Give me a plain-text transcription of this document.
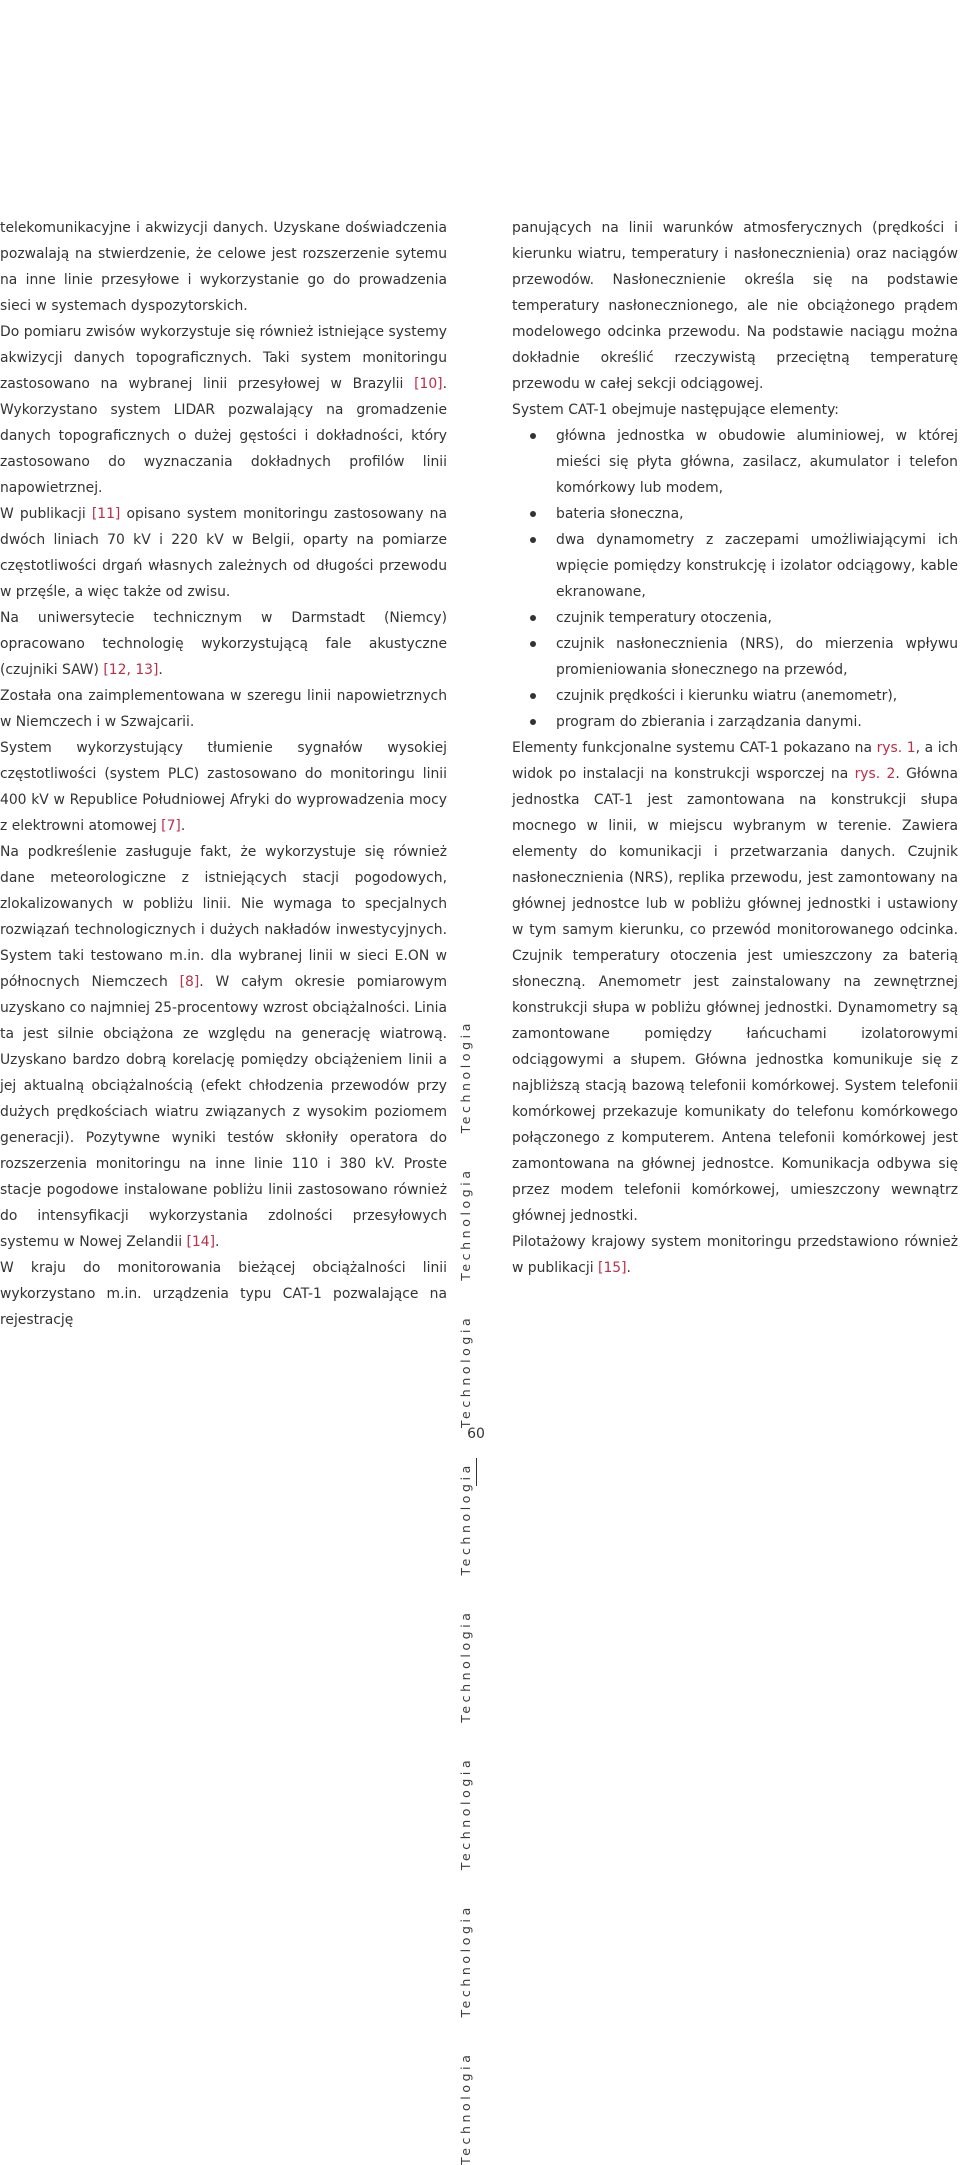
TechnologiaTechnologiaTechnologiaTechnologiaTechnologiaTechnologiaTechnologiaTechnologia

telekomunikacyjne i akwizycji danych. Uzyskane doświadczenia pozwalają na stwierdzenie, że celowe jest rozszerzenie sytemu na inne linie przesyłowe i wykorzystanie go do prowadzenia sieci w systemach dyspozytorskich.

Do pomiaru zwisów wykorzystuje się również istniejące systemy akwizycji danych topograficznych. Taki system monitoringu zastosowano na wybranej linii przesyłowej w Brazylii [10]. Wykorzystano system LIDAR pozwalający na gromadzenie danych topograficznych o dużej gęstości i dokładności, który zastosowano do wyznaczania dokładnych profilów linii napowietrznej.

W publikacji [11] opisano system monitoringu zastosowany na dwóch liniach 70 kV i 220 kV w Belgii, oparty na pomiarze częstotliwości drgań własnych zależnych od długości przewodu w przęśle, a więc także od zwisu.

Na uniwersytecie technicznym w Darmstadt (Niemcy) opracowano technologię wykorzystującą fale akustyczne (czujniki SAW) [12, 13].

Została ona zaimplementowana w szeregu linii napowietrznych w Niemczech i w Szwajcarii.

System wykorzystujący tłumienie sygnałów wysokiej częstotliwości (system PLC) zastosowano do monitoringu linii 400 kV w Republice Południowej Afryki do wyprowadzenia mocy z elektrowni atomowej [7].

Na podkreślenie zasługuje fakt, że wykorzystuje się również dane meteorologiczne z istniejących stacji pogodowych, zlokalizowanych w pobliżu linii. Nie wymaga to specjalnych rozwiązań technologicznych i dużych nakładów inwestycyjnych. System taki testowano m.in. dla wybranej linii w sieci E.ON w północnych Niemczech [8]. W całym okresie pomiarowym uzyskano co najmniej 25-procentowy wzrost obciążalności. Linia ta jest silnie obciążona ze względu na generację wiatrową. Uzyskano bardzo dobrą korelację pomiędzy obciążeniem linii a jej aktualną obciążalnością (efekt chłodzenia przewodów przy dużych prędkościach wiatru związanych z wysokim poziomem generacji). Pozytywne wyniki testów skłoniły operatora do rozszerzenia monitoringu na inne linie 110 i 380 kV. Proste stacje pogodowe instalowane pobliżu linii zastosowano również do intensyfikacji wykorzystania zdolności przesyłowych systemu w Nowej Zelandii [14].

W kraju do monitorowania bieżącej obciążalności linii wykorzystano m.in. urządzenia typu CAT-1 pozwalające na rejestrację

panujących na linii warunków atmosferycznych (prędkości i kierunku wiatru, temperatury i nasłonecznienia) oraz naciągów przewodów. Nasłonecznienie określa się na podstawie temperatury nasłonecznionego, ale nie obciążonego prądem modelowego odcinka przewodu. Na podstawie naciągu można dokładnie określić rzeczywistą przeciętną temperaturę przewodu w całej sekcji odciągowej.

System CAT-1 obejmuje następujące elementy:

główna jednostka w obudowie aluminiowej, w której mieści się płyta główna, zasilacz, akumulator i telefon komórkowy lub modem,
bateria słoneczna,
dwa dynamometry z zaczepami umożliwiającymi ich wpięcie pomiędzy konstrukcję i izolator odciągowy, kable ekranowane,
czujnik temperatury otoczenia,
czujnik nasłonecznienia (NRS), do mierzenia wpływu promieniowania słonecznego na przewód,
czujnik prędkości i kierunku wiatru (anemometr),
program do zbierania i zarządzania danymi.

Elementy funkcjonalne systemu CAT-1 pokazano na rys. 1, a ich widok po instalacji na konstrukcji wsporczej na rys. 2. Główna jednostka CAT-1 jest zamontowana na konstrukcji słupa mocnego w linii, w miejscu wybranym w terenie. Zawiera elementy do komunikacji i przetwarzania danych. Czujnik nasłonecznienia (NRS), replika przewodu, jest zamontowany na głównej jednostce lub w pobliżu głównej jednostki i ustawiony w tym samym kierunku, co przewód monitorowanego odcinka. Czujnik temperatury otoczenia jest umieszczony za baterią słoneczną. Anemometr jest zainstalowany na zewnętrznej konstrukcji słupa w pobliżu głównej jednostki. Dynamometry są zamontowane pomiędzy łańcuchami izolatorowymi odciągowymi a słupem. Główna jednostka komunikuje się z najbliższą stacją bazową telefonii komórkowej. System telefonii komórkowej przekazuje komunikaty do telefonu komórkowego połączonego z komputerem. Antena telefonii komórkowej jest zamontowana na głównej jednostce. Komunikacja odbywa się przez modem telefonii komórkowej, umieszczony wewnątrz głównej jednostki.

Pilotażowy krajowy system monitoringu przedstawiono również w publikacji [15].

60
